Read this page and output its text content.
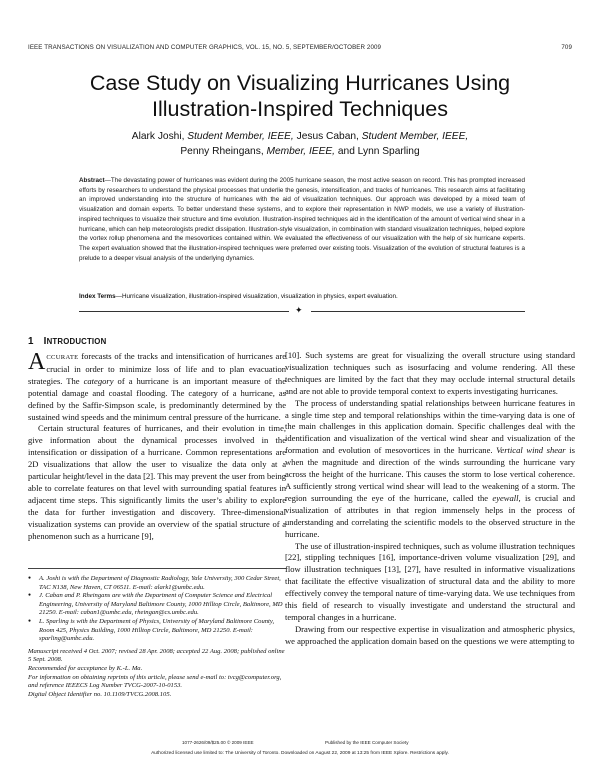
IEEE TRANSACTIONS ON VISUALIZATION AND COMPUTER GRAPHICS, VOL. 15, NO. 5, SEPTEMBER/OCTOBER 2009	709
Case Study on Visualizing Hurricanes Using
Illustration-Inspired Techniques
Alark Joshi, Student Member, IEEE, Jesus Caban, Student Member, IEEE,
Penny Rheingans, Member, IEEE, and Lynn Sparling
Abstract—The devastating power of hurricanes was evident during the 2005 hurricane season, the most active season on record. This has prompted increased efforts by researchers to understand the physical processes that underlie the genesis, intensification, and tracks of hurricanes. This research aims at facilitating an improved understanding into the structure of hurricanes with the aid of visualization techniques. Our approach was developed by a mixed team of visualization and domain experts. To better understand these systems, and to explore their representation in NWP models, we use a variety of illustration-inspired techniques to visualize their structure and time evolution. Illustration-inspired techniques aid in the identification of the amount of vertical wind shear in a hurricane, which can help meteorologists predict dissipation. Illustration-style visualization, in combination with standard visualization techniques, helped explore the vortex rollup phenomena and the mesovortices contained within. We evaluated the effectiveness of our visualization with the help of six hurricane experts. The expert evaluation showed that the illustration-inspired techniques were preferred over existing tools. Visualization of the evolution of structural features is a prelude to a deeper visual analysis of the underlying dynamics.
Index Terms—Hurricane visualization, illustration-inspired visualization, visualization in physics, expert evaluation.
✦
1 INTRODUCTION

ACCURATE forecasts of the tracks and intensification of hurricanes are crucial in order to minimize loss of life and to plan evacuation strategies. The category of a hurricane is an important measure of the potential damage and coastal flooding. The category of a hurricane, as defined by the Saffir-Simpson scale, is predominantly determined by the sustained wind speeds and the minimum central pressure of the hurricane.

Certain structural features of hurricanes, and their evolution in time, give information about the dynamical processes involved in the intensification or dissipation of a hurricane. Common representations are 2D visualizations that allow the user to visualize the data only at a particular height/level in the data [2]. This may prevent the user from being able to correlate features on that level with surrounding spatial features in adjacent time steps. This significantly limits the user’s ability to explore the data for further investigation and discovery. Three-dimensional visualization systems can provide an overview of the spatial structure of a phenomenon such as a hurricane [9],

● A. Joshi is with the Department of Diagnostic Radiology, Yale University, 300 Cedar Street, TAC N138, New Haven, CT 06511. E-mail: alark1@umbc.edu.

● J. Caban and P. Rheingans are with the Department of Computer Science and Electrical Engineering, University of Maryland Baltimore County, 1000 Hilltop Circle, Baltimore, MD 21250. E-mail: caban1@umbc.edu, rheingan@cs.umbc.edu.

● L. Sparling is with the Department of Physics, University of Maryland Baltimore County, Room 425, Physics Building, 1000 Hilltop Circle, Baltimore, MD 21250. E-mail: sparling@umbc.edu.

Manuscript received 4 Oct. 2007; revised 28 Apr. 2008; accepted 22 Aug. 2008; published online 5 Sept. 2008.

Recommended for acceptance by K.-L. Ma.

For information on obtaining reprints of this article, please send e-mail to: tvcg@computer.org, and reference IEEECS Log Number TVCG-2007-10-0153.

Digital Object Identifier no. 10.1109/TVCG.2008.105.

[10]. Such systems are great for visualizing the overall structure using standard visualization techniques such as isosurfacing and volume rendering. All these techniques are limited by the fact that they may occlude internal structural details and are not able to provide temporal context to experts investigating hurricanes.

The process of understanding spatial relationships between hurricane features in a single time step and temporal relationships within the time-varying data is one of the main challenges in this application domain. Specific challenges deal with the identification and visualization of the vertical wind shear and visualization of the formation and evolution of mesovortices in the hurricane. Vertical wind shear is when the magnitude and direction of the winds surrounding the hurricane vary across the height of the hurricane. This causes the storm to lose vertical coherence. A sufficiently strong vertical wind shear will lead to the weakening of a storm. The region surrounding the eye of the hurricane, called the eyewall, is crucial and visualization of attributes in that region immensely helps in the process of understanding and correlating the scientific models to the observed structure in the hurricane.

The use of illustration-inspired techniques, such as volume illustration techniques [22], stippling techniques [16], importance-driven volume visualization [29], and flow illustration techniques [13], [27], have resulted in informative visualizations that facilitate the effective visualization of structural data and the ability to more effectively convey the temporal nature of time-varying data. We use techniques from this field of research to visually investigate and understand the structural and temporal changes in a hurricane.

Drawing from our respective expertise in visualization and atmospheric physics, we approached the application domain based on the questions we were attempting to

1077-2626/09/$25.00 © 2009 IEEE	Published by the IEEE Computer Society
Authorized licensed use limited to: The University of Toronto. Downloaded on August 22, 2009 at 13:25 from IEEE Xplore. Restrictions apply.
